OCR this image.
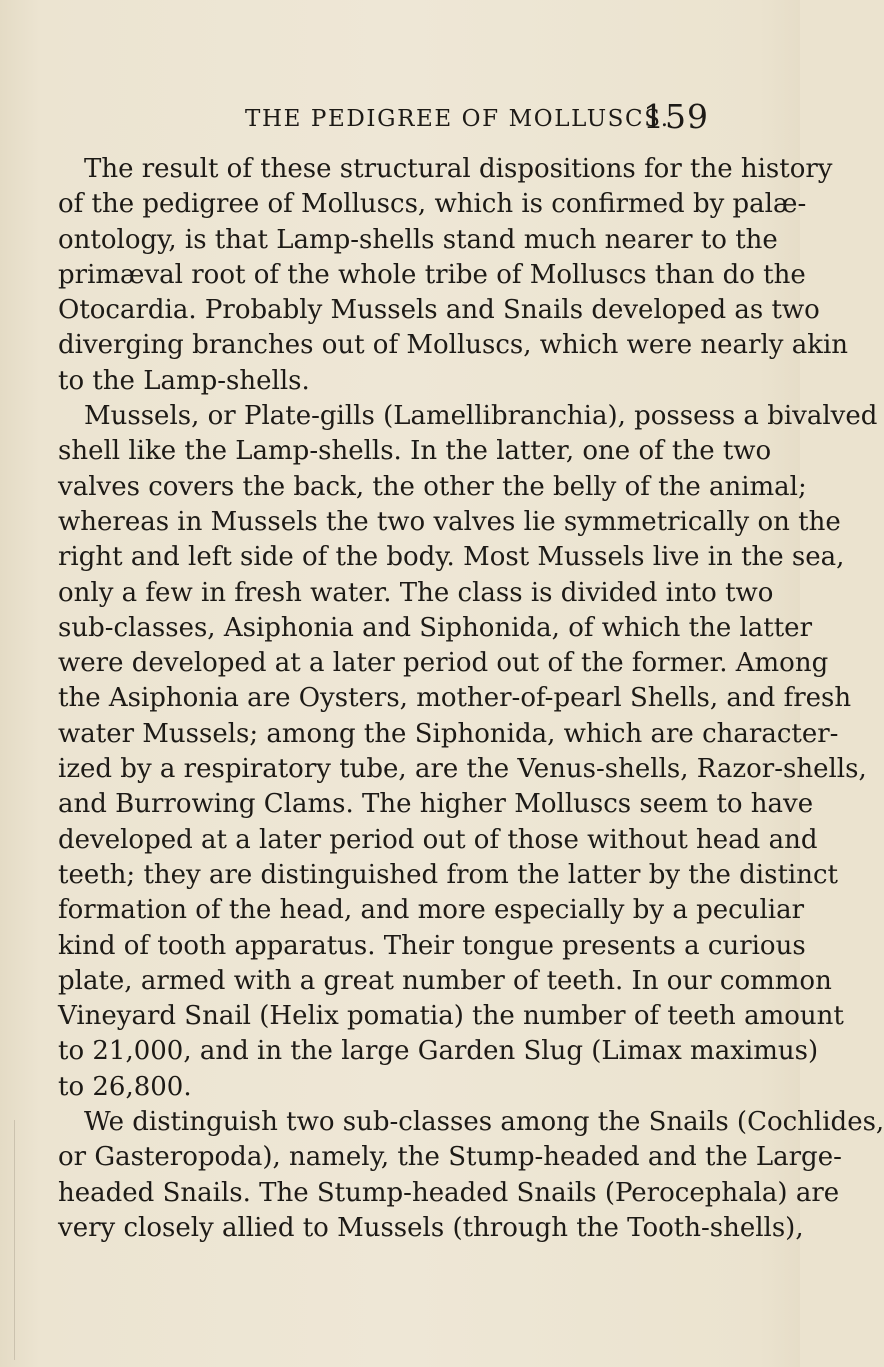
THE PEDIGREE OF MOLLUSCS.
159
The result of these structural dispositions for the history
of the pedigree of Molluscs, which is confirmed by palæ-
ontology, is that Lamp-shells stand much nearer to the
primæval root of the whole tribe of Molluscs than do the
Otocardia. Probably Mussels and Snails developed as two
diverging branches out of Molluscs, which were nearly akin
to the Lamp-shells.
Mussels, or Plate-gills (Lamellibranchia), possess a bivalved
shell like the Lamp-shells. In the latter, one of the two
valves covers the back, the other the belly of the animal;
whereas in Mussels the two valves lie symmetrically on the
right and left side of the body. Most Mussels live in the sea,
only a few in fresh water. The class is divided into two
sub-classes, Asiphonia and Siphonida, of which the latter
were developed at a later period out of the former. Among
the Asiphonia are Oysters, mother-of-pearl Shells, and fresh
water Mussels; among the Siphonida, which are character-
ized by a respiratory tube, are the Venus-shells, Razor-shells,
and Burrowing Clams. The higher Molluscs seem to have
developed at a later period out of those without head and
teeth; they are distinguished from the latter by the distinct
formation of the head, and more especially by a peculiar
kind of tooth apparatus. Their tongue presents a curious
plate, armed with a great number of teeth. In our common
Vineyard Snail (Helix pomatia) the number of teeth amount
to 21,000, and in the large Garden Slug (Limax maximus)
to 26,800.
We distinguish two sub-classes among the Snails (Cochlides,
or Gasteropoda), namely, the Stump-headed and the Large-
headed Snails. The Stump-headed Snails (Perocephala) are
very closely allied to Mussels (through the Tooth-shells),
